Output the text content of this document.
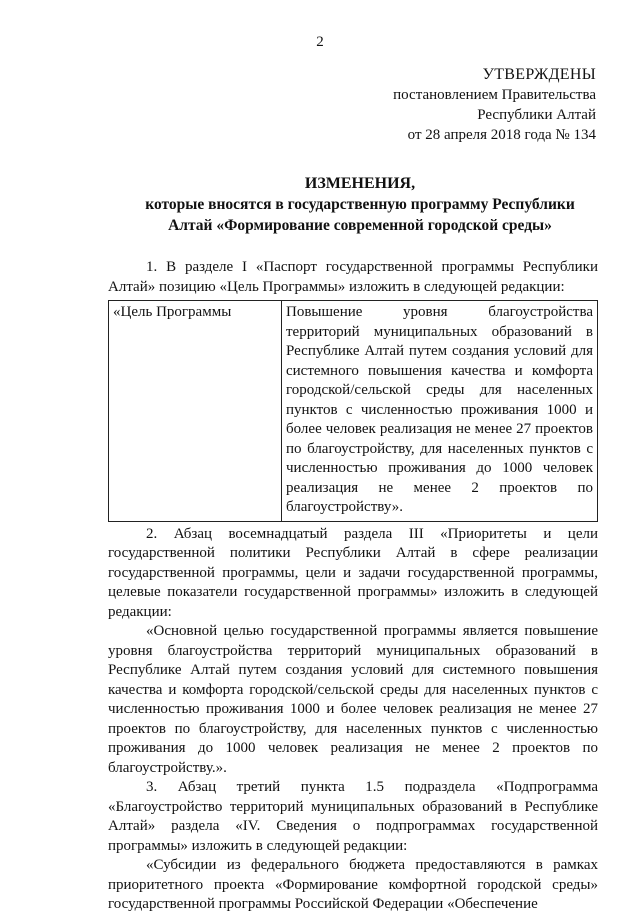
2
УТВЕРЖДЕНЫ
постановлением Правительства
Республики Алтай
от 28 апреля 2018 года № 134
ИЗМЕНЕНИЯ,
которые вносятся в государственную программу Республики
Алтай «Формирование современной городской среды»

1. В разделе I «Паспорт государственной программы Республики Алтай» позицию «Цель Программы» изложить в следующей редакции:

«Цель Программы	Повышение уровня благоустройства территорий муниципальных образований в Республике Алтай путем создания условий для системного повышения качества и комфорта городской/сельской среды для населенных пунктов с численностью проживания 1000 и более человек реализация не менее 27 проектов по благоустройству, для населенных пунктов с численностью проживания до 1000 человек реализация не менее 2 проектов по благоустройству».

2. Абзац восемнадцатый раздела III «Приоритеты и цели государственной политики Республики Алтай в сфере реализации государственной программы, цели и задачи государственной программы, целевые показатели государственной программы» изложить в следующей редакции:

«Основной целью государственной программы является повышение уровня благоустройства территорий муниципальных образований в Республике Алтай путем создания условий для системного повышения качества и комфорта городской/сельской среды для населенных пунктов с численностью проживания 1000 и более человек реализация не менее 27 проектов по благоустройству, для населенных пунктов с численностью проживания до 1000 человек реализация не менее 2 проектов по благоустройству.».

3. Абзац третий пункта 1.5 подраздела «Подпрограмма «Благоустройство территорий муниципальных образований в Республике Алтай» раздела «IV. Сведения о подпрограммах государственной программы» изложить в следующей редакции:

«Субсидии из федерального бюджета предоставляются в рамках приоритетного проекта «Формирование комфортной городской среды» государственной программы Российской Федерации «Обеспечение
